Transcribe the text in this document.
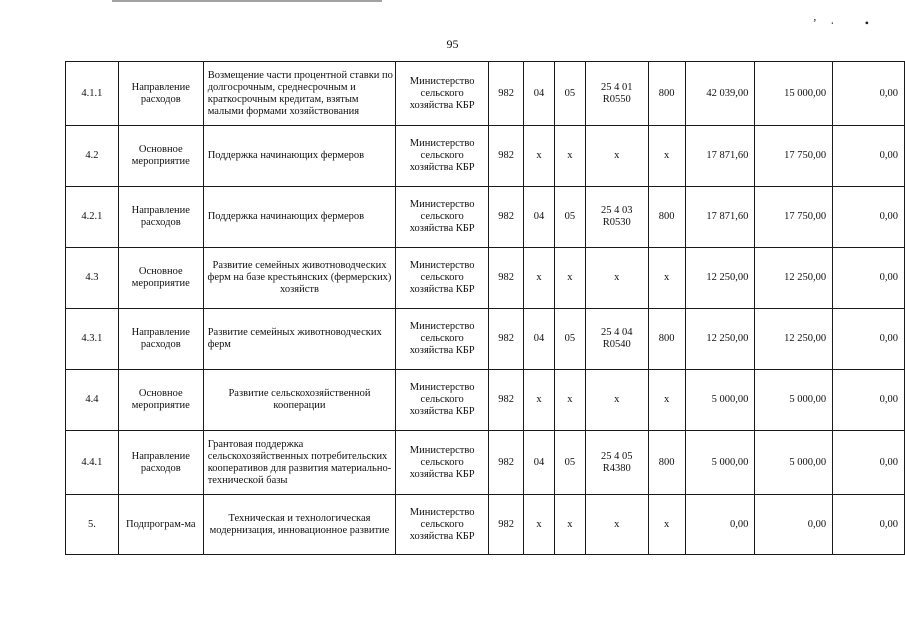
ʼ∙ •
95
4.1.1	Направление расходов	Возмещение части процентной ставки по долгосрочным, среднесрочным и краткосрочным кредитам, взятым малыми формами хозяйствования	Министерство сельского хозяйства КБР	982	04	05	25 4 01 R0550	800	42 039,00	15 000,00	0,00
4.2	Основное мероприятие	Поддержка начинающих фермеров	Министерство сельского хозяйства КБР	982	x	x	x	x	17 871,60	17 750,00	0,00
4.2.1	Направление расходов	Поддержка начинающих фермеров	Министерство сельского хозяйства КБР	982	04	05	25 4 03 R0530	800	17 871,60	17 750,00	0,00
4.3	Основное мероприятие	Развитие семейных животноводческих ферм на базе крестьянских (фермерских) хозяйств	Министерство сельского хозяйства КБР	982	x	x	x	x	12 250,00	12 250,00	0,00
4.3.1	Направление расходов	Развитие семейных животноводческих ферм	Министерство сельского хозяйства КБР	982	04	05	25 4 04 R0540	800	12 250,00	12 250,00	0,00
4.4	Основное мероприятие	Развитие сельскохозяйственной кооперации	Министерство сельского хозяйства КБР	982	x	x	x	x	5 000,00	5 000,00	0,00
4.4.1	Направление расходов	Грантовая поддержка сельскохозяйственных потребительских кооперативов для развития материально-технической базы	Министерство сельского хозяйства КБР	982	04	05	25 4 05 R4380	800	5 000,00	5 000,00	0,00
5.	Подпрограм-ма	Техническая и технологическая модернизация, инновационное развитие	Министерство сельского хозяйства КБР	982	x	x	x	x	0,00	0,00	0,00
